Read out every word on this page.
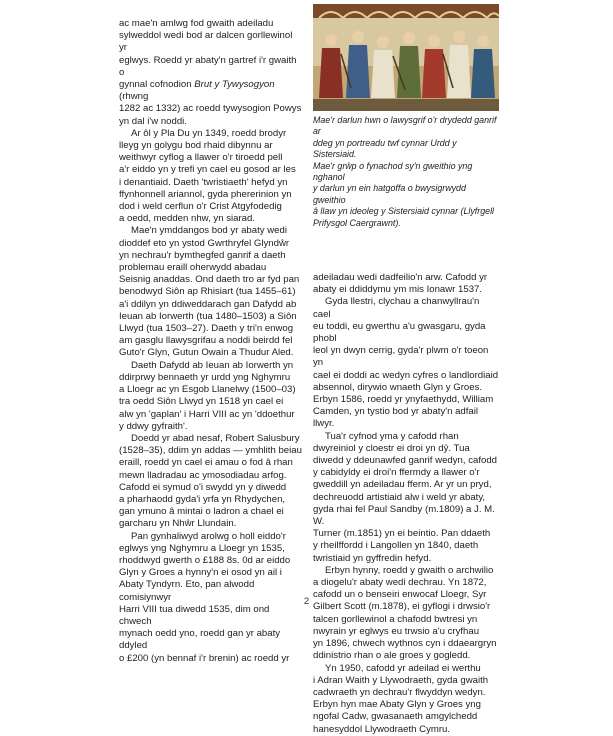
ac mae'n amlwg fod gwaith adeiladu
sylweddol wedi bod ar dalcen gorllewinol yr
eglwys. Roedd yr abaty'n gartref i'r gwaith o
gynnal cofnodion Brut y Tywysogyon (rhwng
1282 ac 1332) ac roedd tywysogion Powys
yn dal i'w noddi.

Ar ôl y Pla Du yn 1349, roedd brodyr
lleyg yn golygu bod rhaid dibynnu ar
weithwyr cyflog a llawer o'r tiroedd pell
a'r eiddo yn y trefi yn cael eu gosod ar les
i denantiaid. Daeth 'twristiaeth' hefyd yn
ffynhonnell ariannol, gyda phererinion yn
dod i weld cerflun o'r Crist Atgyfodedig
a oedd, medden nhw, yn siarad.

Mae'n ymddangos bod yr abaty wedi
dioddef eto yn ystod Gwrthryfel Glyndŵr
yn nechrau'r bymthegfed ganrif a daeth
problemau eraill oherwydd abadau
Seisnig anaddas. Ond daeth tro ar fyd pan
benodwyd Siôn ap Rhisiart (tua 1455–61)
a'i ddilyn yn ddiweddarach gan Dafydd ab
Ieuan ab Iorwerth (tua 1480–1503) a Siôn
Llwyd (tua 1503–27). Daeth y tri'n enwog
am gasglu llawysgrifau a noddi beirdd fel
Guto'r Glyn, Gutun Owain a Thudur Aled.

Daeth Dafydd ab Ieuan ab Iorwerth yn
ddirprwy bennaeth yr urdd yng Nghymru
a Lloegr ac yn Esgob Llanelwy (1500–03)
tra oedd Siôn Llwyd yn 1518 yn cael ei
alw yn 'gaplan' i Harri VIII ac yn 'ddoethur
y ddwy gyfraith'.

Doedd yr abad nesaf, Robert Salusbury
(1528–35), ddim yn addas — ymhlith beiau
eraill, roedd yn cael ei amau o fod â rhan
mewn lladradau ac ymosodiadau arfog.
Cafodd ei symud o'i swydd yn y diwedd
a pharhaodd gyda'i yrfa yn Rhydychen,
gan ymuno â mintai o ladron a chael ei
garcharu yn Nhŵr Llundain.

Pan gynhaliwyd arolwg o holl eiddo'r
eglwys yng Nghymru a Lloegr yn 1535,
rhoddwyd gwerth o £188 8s. 0d ar eiddo
Glyn y Groes a hynny'n ei osod yn ail i
Abaty Tyndyrn. Eto, pan alwodd comisiynwyr
Harri VIII tua diwedd 1535, dim ond chwech
mynach oedd yno, roedd gan yr abaty ddyled
o £200 (yn bennaf i'r brenin) ac roedd yr

Mae'r darlun hwn o lawysgrif o'r drydedd ganrif ar
ddeg yn portreadu twf cynnar Urdd y Sistersiaid.
Mae'r grŵp o fynachod sy'n gweithio yng nghanol
y darlun yn ein hatgoffa o bwysigrwydd gweithio
â llaw yn ideoleg y Sistersiaid cynnar (Llyfrgell
Prifysgol Caergrawnt).

adeiladau wedi dadfeilio'n arw. Cafodd yr
abaty ei ddiddymu ym mis Ionawr 1537.

Gyda llestri, clychau a chanwyllrau'n cael
eu toddi, eu gwerthu a'u gwasgaru, gyda phobl
leol yn dwyn cerrig, gyda'r plwm o'r toeon yn
cael ei doddi ac wedyn cyfres o landlordiaid
absennol, dirywio wnaeth Glyn y Groes.
Erbyn 1586, roedd yr ynyfaethydd, William
Camden, yn tystio bod yr abaty'n adfail llwyr.

Tua'r cyfnod yma y cafodd rhan
dwyreiniol y cloestr ei droi yn dŷ. Tua
diwedd y ddeunawfed ganrif wedyn, cafodd
y cabidyldy ei droi'n ffermdy a llawer o'r
gweddill yn adeiladau fferm. Ar yr un pryd,
dechreuodd artistiaid alw i weld yr abaty,
gyda rhai fel Paul Sandby (m.1809) a J. M. W.
Turner (m.1851) yn ei beintio. Pan ddaeth
y rheilffordd i Langollen yn 1840, daeth
twristiaid yn gyffredin hefyd.

Erbyn hynny, roedd y gwaith o archwilio
a diogelu'r abaty wedi dechrau. Yn 1872,
cafodd un o benseiri enwocaf Lloegr, Syr
Gilbert Scott (m.1878), ei gyflogi i drwsio'r
talcen gorllewinol a chafodd bwtresi yn
nwyrain yr eglwys eu trwsio a'u cryfhau
yn 1896, chwech wythnos cyn i ddaeargryn
ddinistrio rhan o ale groes y gogledd.

Yn 1950, cafodd yr adeilad ei werthu
i Adran Waith y Llywodraeth, gyda gwaith
cadwraeth yn dechrau'r flwyddyn wedyn.
Erbyn hyn mae Abaty Glyn y Groes yng
ngofal Cadw, gwasanaeth amgylchedd
hanesyddol Llywodraeth Cymru.

2
